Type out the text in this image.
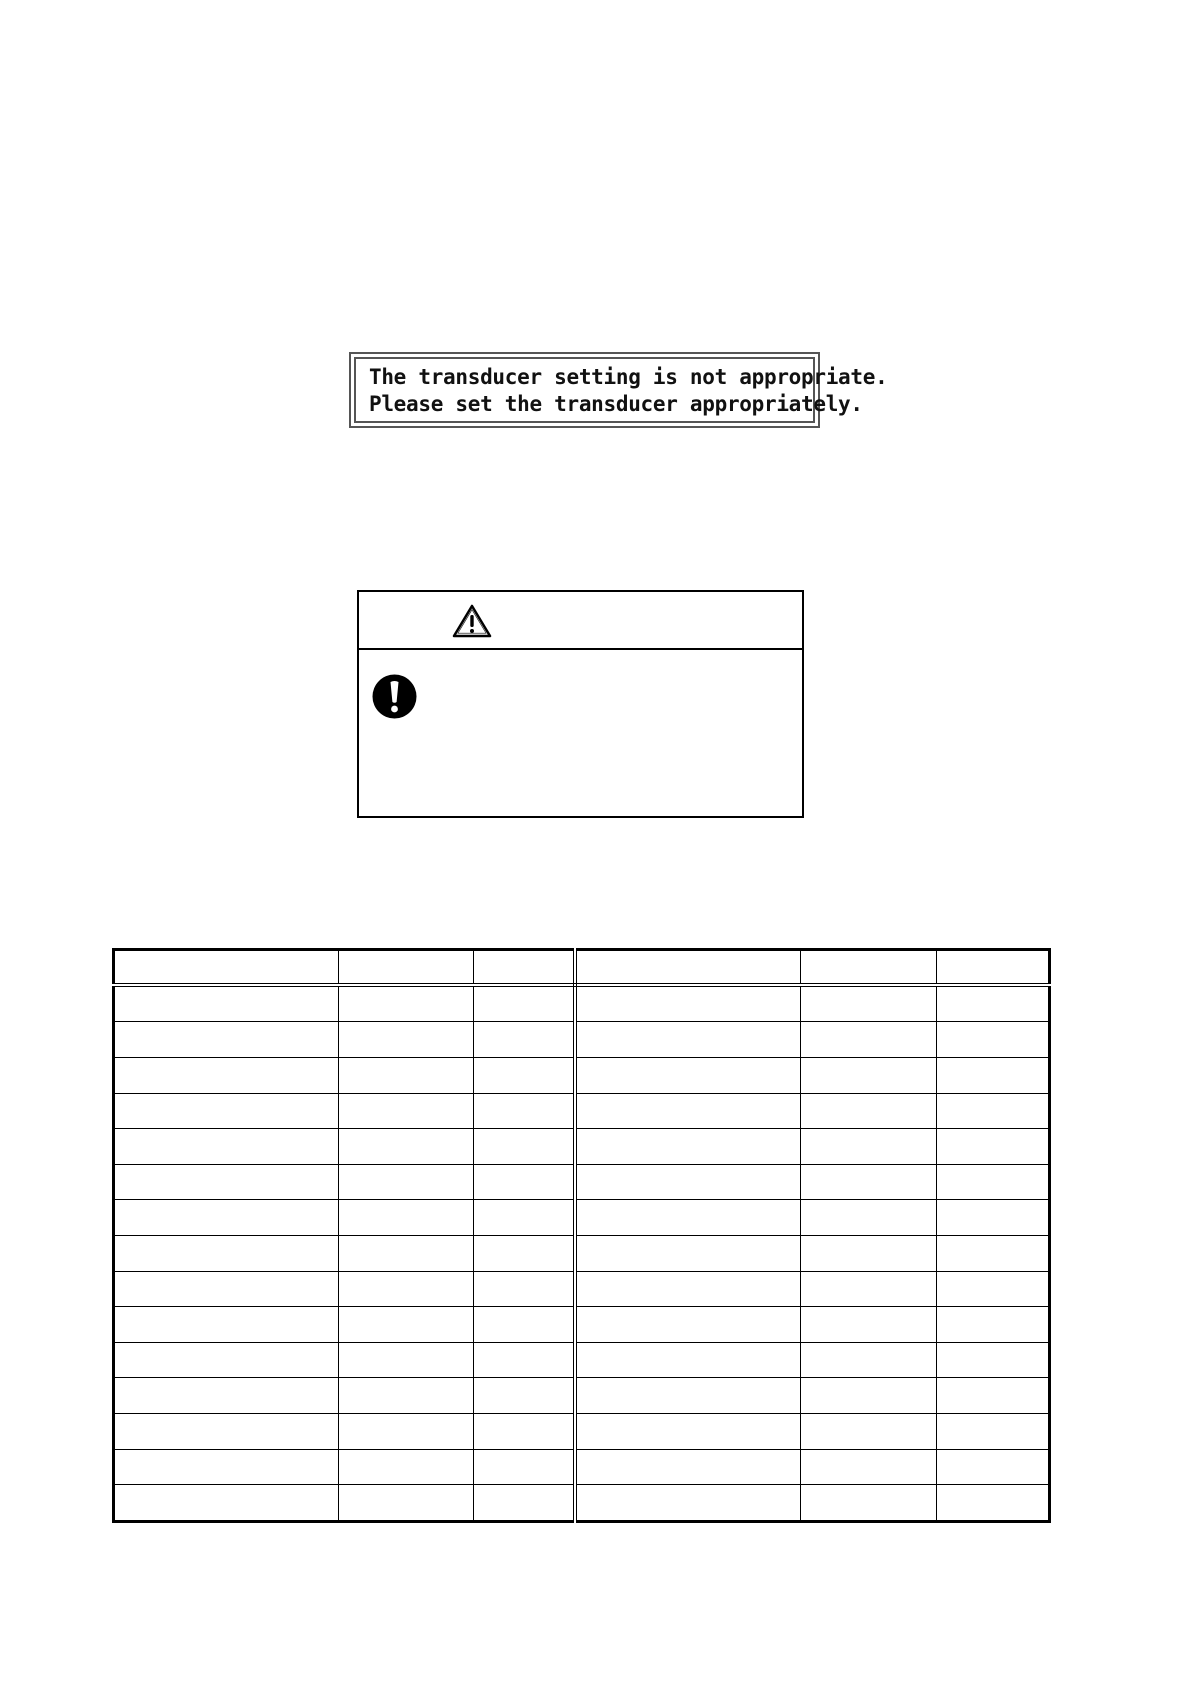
The transducer setting is not appropriate.
Please set the transducer appropriately.
